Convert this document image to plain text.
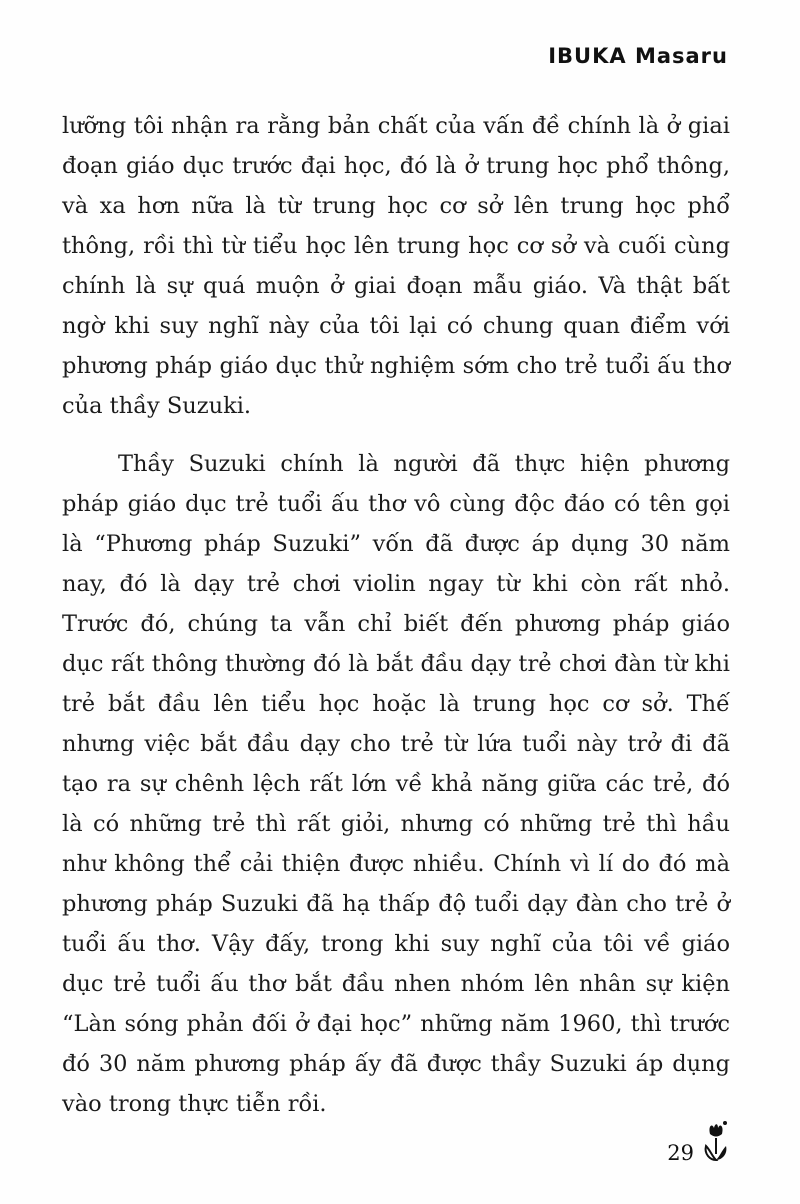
IBUKA Masaru

lưỡng tôi nhận ra rằng bản chất của vấn đề chính là ở giai đoạn giáo dục trước đại học, đó là ở trung học phổ thông, và xa hơn nữa là từ trung học cơ sở lên trung học phổ thông, rồi thì từ tiểu học lên trung học cơ sở và cuối cùng chính là sự quá muộn ở giai đoạn mẫu giáo. Và thật bất ngờ khi suy nghĩ này của tôi lại có chung quan điểm với phương pháp giáo dục thử nghiệm sớm cho trẻ tuổi ấu thơ của thầy Suzuki.

Thầy Suzuki chính là người đã thực hiện phương pháp giáo dục trẻ tuổi ấu thơ vô cùng độc đáo có tên gọi là “Phương pháp Suzuki” vốn đã được áp dụng 30 năm nay, đó là dạy trẻ chơi violin ngay từ khi còn rất nhỏ. Trước đó, chúng ta vẫn chỉ biết đến phương pháp giáo dục rất thông thường đó là bắt đầu dạy trẻ chơi đàn từ khi trẻ bắt đầu lên tiểu học hoặc là trung học cơ sở. Thế nhưng việc bắt đầu dạy cho trẻ từ lứa tuổi này trở đi đã tạo ra sự chênh lệch rất lớn về khả năng giữa các trẻ, đó là có những trẻ thì rất giỏi, nhưng có những trẻ thì hầu như không thể cải thiện được nhiều. Chính vì lí do đó mà phương pháp Suzuki đã hạ thấp độ tuổi dạy đàn cho trẻ ở tuổi ấu thơ. Vậy đấy, trong khi suy nghĩ của tôi về giáo dục trẻ tuổi ấu thơ bắt đầu nhen nhóm lên nhân sự kiện “Làn sóng phản đối ở đại học” những năm 1960, thì trước đó 30 năm phương pháp ấy đã được thầy Suzuki áp dụng vào trong thực tiễn rồi.

29
